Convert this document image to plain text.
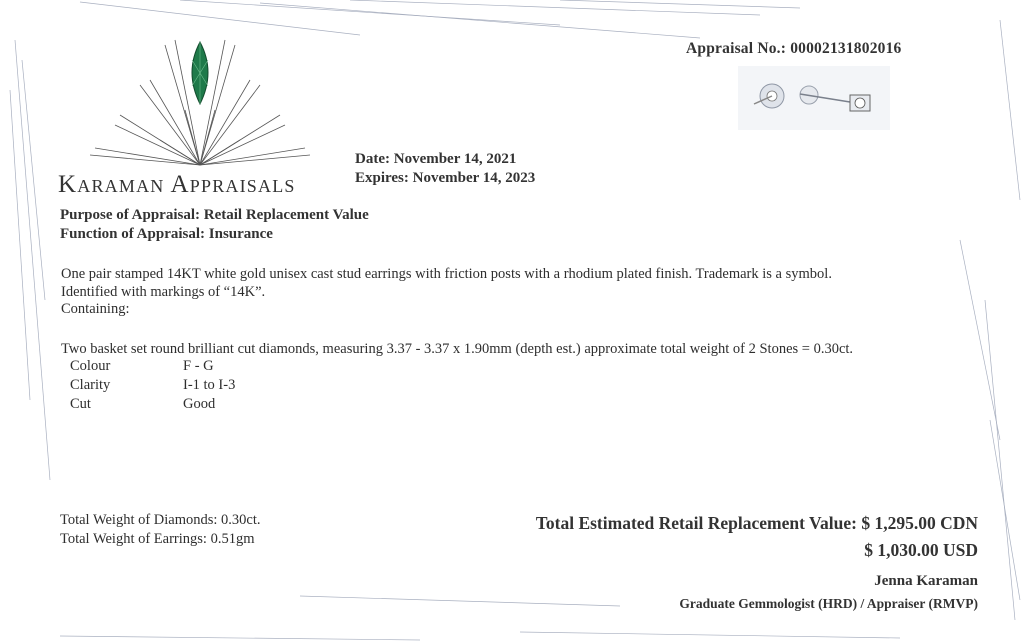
Appraisal No.: 00002131802016
Karaman Appraisals
Date: November 14, 2021
Expires: November 14, 2023
Purpose of Appraisal: Retail Replacement Value
Function of Appraisal: Insurance
One pair stamped 14KT white gold unisex cast stud earrings with friction posts with a rhodium plated finish. Trademark is a symbol.
Identified with markings of “14K”.
Containing:
Two basket set round brilliant cut diamonds, measuring 3.37 - 3.37 x 1.90mm (depth est.) approximate total weight of 2 Stones = 0.30ct.
Colour	F - G
Clarity	I-1 to I-3
Cut	Good
Total Weight of Diamonds: 0.30ct.
Total Weight of Earrings: 0.51gm
Total Estimated Retail Replacement Value: $ 1,295.00 CDN
$ 1,030.00 USD
Jenna Karaman
Graduate Gemmologist (HRD) / Appraiser (RMVP)
